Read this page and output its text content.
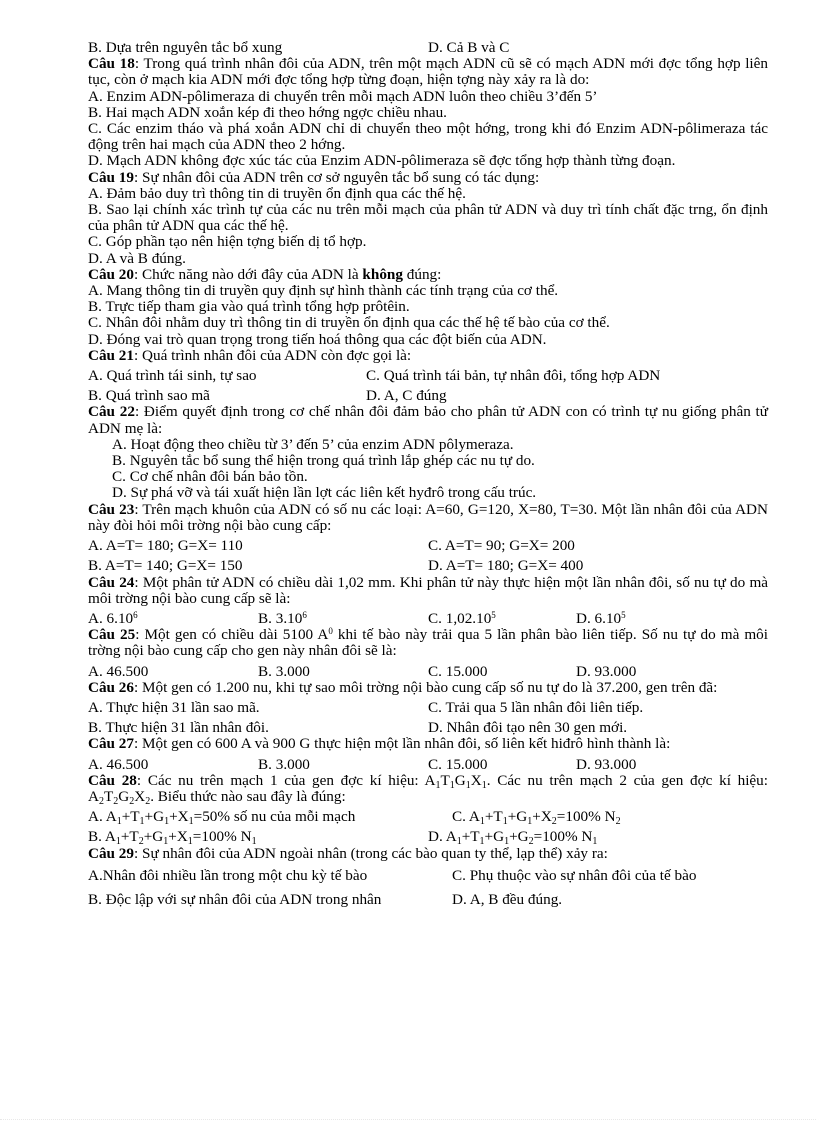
B. Dựa trên nguyên tắc bổ xung	D. Cả B và C

Câu 18: Trong quá trình nhân đôi của ADN, trên một mạch ADN cũ sẽ có mạch ADN mới đợc tổng hợp liên tục, còn ở mạch kia ADN mới đợc tổng hợp từng đoạn, hiện tợng này xảy ra là do:

A. Enzim ADN-pôlimeraza di chuyển trên mỗi mạch ADN luôn theo chiều 3’đến 5’

B. Hai mạch ADN xoắn kép đi theo hớng ngợc chiều nhau.

C. Các enzim tháo và phá xoắn ADN chỉ di chuyển theo một hớng, trong khi đó Enzim ADN-pôlimeraza tác động trên hai mạch của ADN theo 2 hớng.

D. Mạch ADN không đợc xúc tác của Enzim ADN-pôlimeraza sẽ đợc tổng hợp thành từng đoạn.

Câu 19: Sự nhân đôi của ADN trên cơ sở nguyên tắc bổ sung có tác dụng:

A. Đảm bảo duy trì thông tin di truyền ổn định qua các thế hệ.

B. Sao lại chính xác trình tự của các nu trên mỗi mạch của phân tử ADN và duy trì tính chất đặc trng, ổn định của phân tử ADN qua các thế hệ.

C. Góp phần tạo nên hiện tợng biến dị tổ hợp.

D. A và B đúng.

Câu 20: Chức năng nào dới đây của ADN là không đúng:

A. Mang thông tin di truyền quy định sự hình thành các tính trạng của cơ thể.

B. Trực tiếp tham gia vào quá trình tổng hợp prôtêin.

C. Nhân đôi nhằm duy trì thông tin di truyền ổn định qua các thế hệ tế bào của cơ thể.

D. Đóng vai trò quan trọng trong tiến hoá thông qua các đột biến của ADN.

Câu 21: Quá trình nhân đôi của ADN còn đợc gọi là:

A. Quá trình tái sinh, tự sao	C. Quá trình tái bản, tự nhân đôi, tổng hợp ADN
B. Quá trình sao mã	D. A, C đúng

Câu 22: Điểm quyết định trong cơ chế nhân đôi đảm bảo cho phân tử ADN con có trình tự nu giống phân tử ADN mẹ là:

A. Hoạt động theo chiều từ 3’ đến 5’ của enzim ADN pôlymeraza.

B. Nguyên tắc bổ sung thể hiện trong quá trình lắp ghép các nu tự do.

C. Cơ chế nhân đôi bán bảo tồn.

D. Sự phá vỡ và tái xuất hiện lần lợt các liên kết hyđrô trong cấu trúc.

Câu 23: Trên mạch khuôn của ADN có số nu các loại: A=60, G=120, X=80, T=30. Một lần nhân đôi của ADN này đòi hỏi môi trờng nội bào cung cấp:

A. A=T= 180; G=X= 110	C. A=T= 90; G=X= 200
B. A=T= 140; G=X= 150	D. A=T= 180; G=X= 400

Câu 24: Một phân tử ADN có chiều dài 1,02 mm. Khi phân tử này thực hiện một lần nhân đôi, số nu tự do mà môi trờng nội bào cung cấp sẽ là:

A. 6.10$^6$	B. 3.10$^6$	C. 1,02.10$^5$	D. 6.10$^5$

Câu 25: Một gen có chiều dài 5100 $A^0$ khi tế bào này trải qua 5 lần phân bào liên tiếp. Số nu tự do mà môi trờng nội bào cung cấp cho gen này nhân đôi sẽ là:

A. 46.500	B. 3.000	C. 15.000	D. 93.000

Câu 26: Một gen có 1.200 nu, khi tự sao môi trờng nội bào cung cấp số nu tự do là 37.200, gen trên đã:

A. Thực hiện 31 lần sao mã.	C. Trải qua 5 lần nhân đôi liên tiếp.
B. Thực hiện 31 lần nhân đôi.	D. Nhân đôi tạo nên 30 gen mới.

Câu 27: Một gen có 600 A và 900 G thực hiện một lần nhân đôi, số liên kết hiđrô hình thành là:

A. 46.500	B. 3.000	C. 15.000	D. 93.000

Câu 28: Các nu trên mạch 1 của gen đợc kí hiệu: $A_1T_1G_1X_1$. Các nu trên mạch 2 của gen đợc kí hiệu: $A_2T_2G_2X_2$. Biểu thức nào sau đây là đúng:

A. $A_1+T_1+G_1+X_1=50\%$ số nu của mỗi mạch	C. $A_1+T_1+G_1+X_2=100\%$ $N_2$
B. $A_1+T_2+G_1+X_1=100\%$ $N_1$	D. $A_1+T_1+G_1+G_2=100\%$ $N_1$

Câu 29: Sự nhân đôi của ADN ngoài nhân (trong các bào quan ty thể, lạp thể) xảy ra:

A.Nhân đôi nhiều lần trong một chu kỳ tế bào	C. Phụ thuộc vào sự nhân đôi của tế bào
B. Độc lập với sự nhân đôi của ADN trong nhân	D. A, B đều đúng.
